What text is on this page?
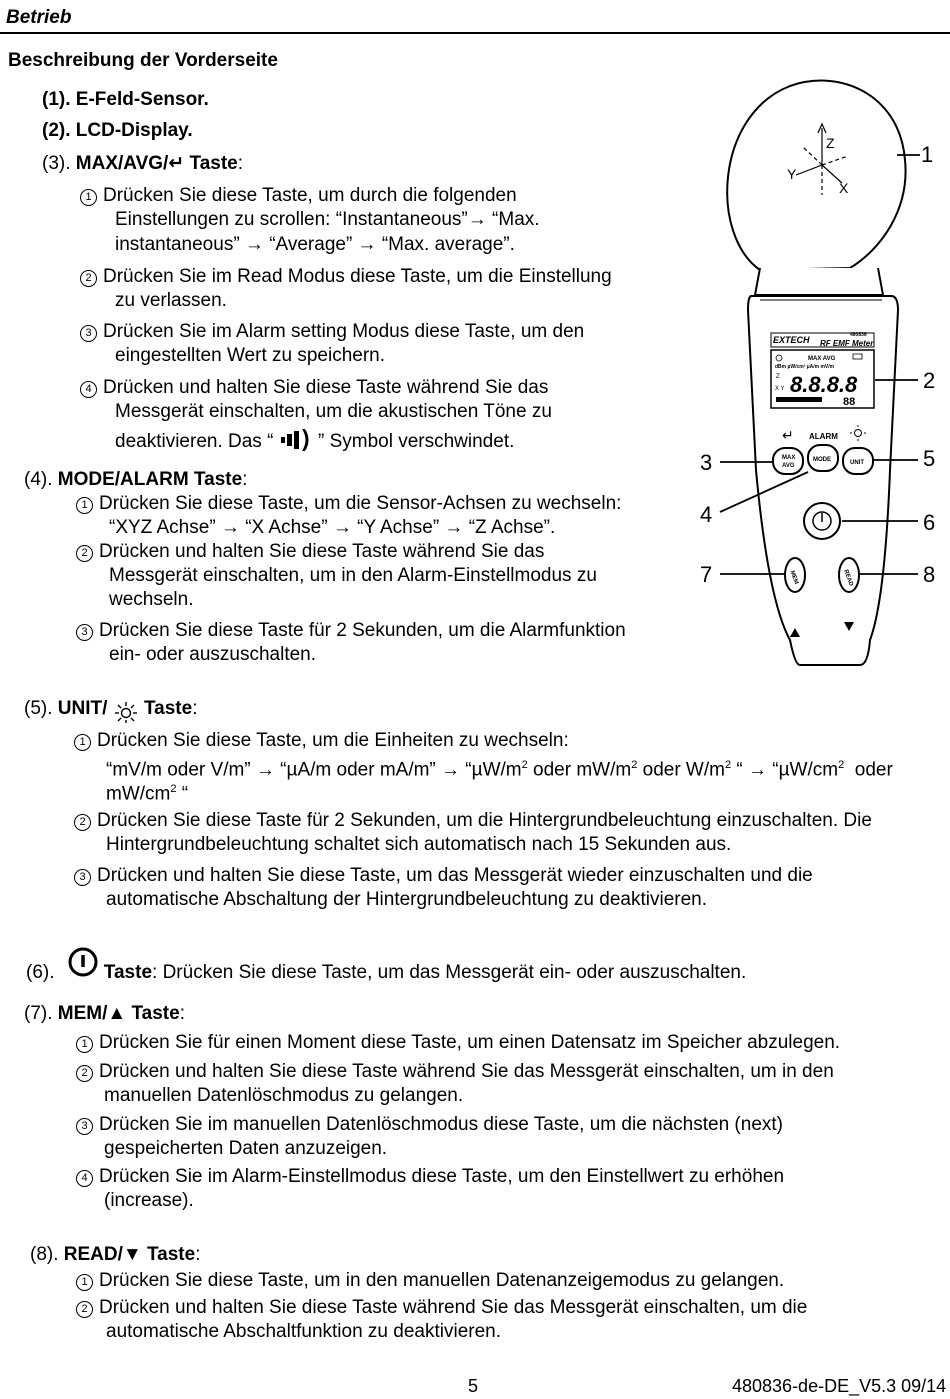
Betrieb
Beschreibung der Vorderseite
(1). E-Feld-Sensor.
(2). LCD-Display.
(3). MAX/AVG/↵ Taste:
1 Drücken Sie diese Taste, um durch die folgenden
Einstellungen zu scrollen: “Instantaneous”→ “Max.
instantaneous” → “Average” → “Max. average”.
2 Drücken Sie im Read Modus diese Taste, um die Einstellung
zu verlassen.
3 Drücken Sie im Alarm setting Modus diese Taste, um den
eingestellten Wert zu speichern.
4 Drücken und halten Sie diese Taste während Sie das
Messgerät einschalten, um die akustischen Töne zu
deaktivieren. Das “ ” Symbol verschwindet.
(4). MODE/ALARM Taste:
1 Drücken Sie diese Taste, um die Sensor-Achsen zu wechseln:
“XYZ Achse” → “X Achse” → “Y Achse” → “Z Achse”.
2 Drücken und halten Sie diese Taste während Sie das
Messgerät einschalten, um in den Alarm-Einstellmodus zu
wechseln.
3 Drücken Sie diese Taste für 2 Sekunden, um die Alarmfunktion
ein- oder auszuschalten.
(5). UNIT/ Taste:
1 Drücken Sie diese Taste, um die Einheiten zu wechseln:
“mV/m oder V/m” → “µA/m oder mA/m” → “$\mu W/m^2$ oder $mW/m^2$ oder $W/m^2$ “ → “$\mu W/cm^2$ oder
$mW/cm^2$ “
2 Drücken Sie diese Taste für 2 Sekunden, um die Hintergrundbeleuchtung einzuschalten. Die
Hintergrundbeleuchtung schaltet sich automatisch nach 15 Sekunden aus.
3 Drücken und halten Sie diese Taste, um das Messgerät wieder einzuschalten und die
automatische Abschaltung der Hintergrundbeleuchtung zu deaktivieren.
(6).	Taste: Drücken Sie diese Taste, um das Messgerät ein- oder auszuschalten.
(7). MEM/▲ Taste:
1 Drücken Sie für einen Moment diese Taste, um einen Datensatz im Speicher abzulegen.
2 Drücken und halten Sie diese Taste während Sie das Messgerät einschalten, um in den
manuellen Datenlöschmodus zu gelangen.
3 Drücken Sie im manuellen Datenlöschmodus diese Taste, um die nächsten (next)
gespeicherten Daten anzuzeigen.
4 Drücken Sie im Alarm-Einstellmodus diese Taste, um den Einstellwert zu erhöhen
(increase).
(8). READ/▼ Taste:
1 Drücken Sie diese Taste, um in den manuellen Datenanzeigemodus zu gelangen.
2 Drücken und halten Sie diese Taste während Sie das Messgerät einschalten, um die
automatische Abschaltfunktion zu deaktivieren.
5	480836-de-DE_V5.3 09/14
Z
Y
X
EXTECH	480836
RF EMF Meter
MAX AVG
dBm µW/cm² µA/m mV/m
Z
X Y 8.8.8.8
88
↵ ALARM
MAX
AVG
MODE	UNIT
MEM	READ
1
2
3
4
5
6
7	8
